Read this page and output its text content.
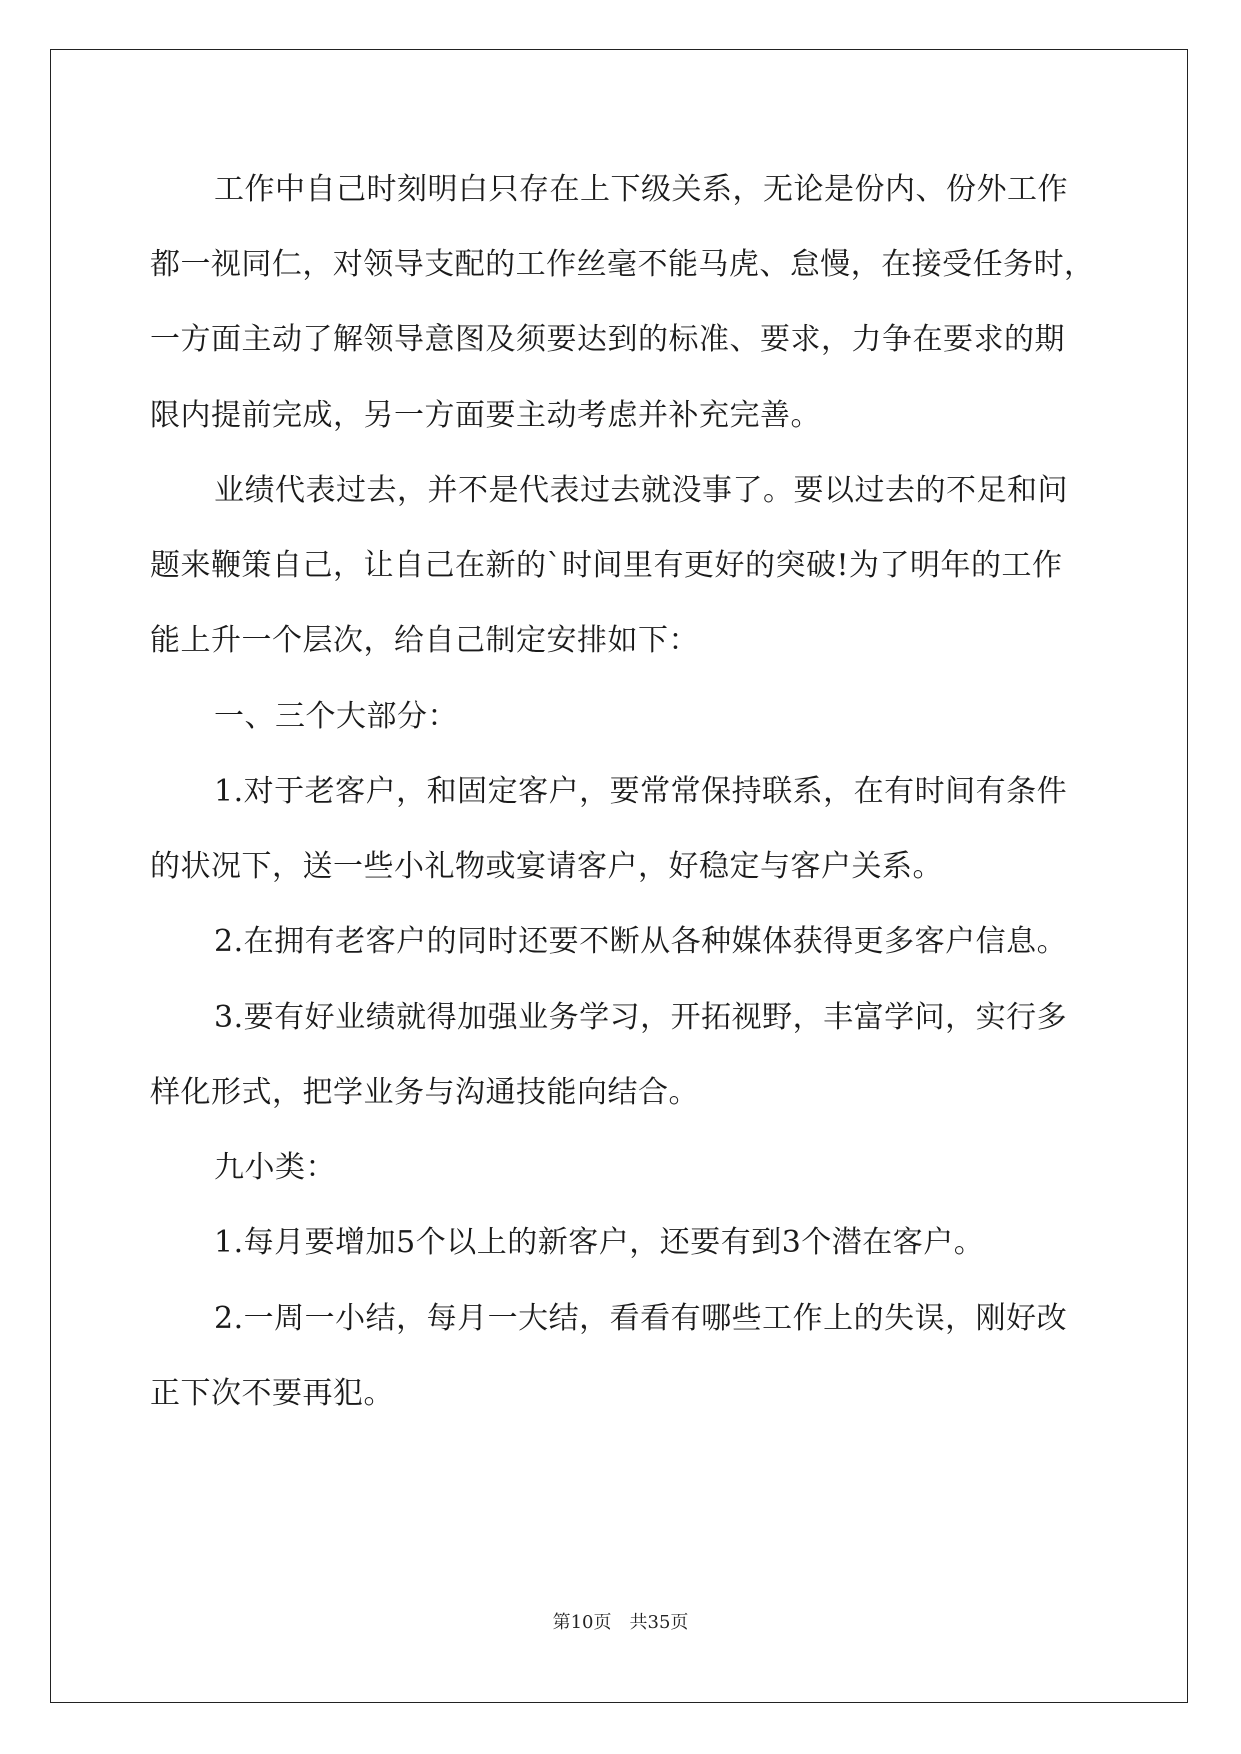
工作中自己时刻明白只存在上下级关系，无论是份内、份外工作
都一视同仁，对领导支配的工作丝毫不能马虎、怠慢，在接受任务时，
一方面主动了解领导意图及须要达到的标准、要求，力争在要求的期
限内提前完成，另一方面要主动考虑并补充完善。
业绩代表过去，并不是代表过去就没事了。要以过去的不足和问
题来鞭策自己，让自己在新的`时间里有更好的突破!为了明年的工作
能上升一个层次，给自己制定安排如下：
一、三个大部分：
1.对于老客户，和固定客户，要常常保持联系，在有时间有条件
的状况下，送一些小礼物或宴请客户，好稳定与客户关系。
2.在拥有老客户的同时还要不断从各种媒体获得更多客户信息。
3.要有好业绩就得加强业务学习，开拓视野，丰富学问，实行多
样化形式，把学业务与沟通技能向结合。
九小类：
1.每月要增加5个以上的新客户，还要有到3个潜在客户。
2.一周一小结，每月一大结，看看有哪些工作上的失误，刚好改
正下次不要再犯。
第10页 共35页
